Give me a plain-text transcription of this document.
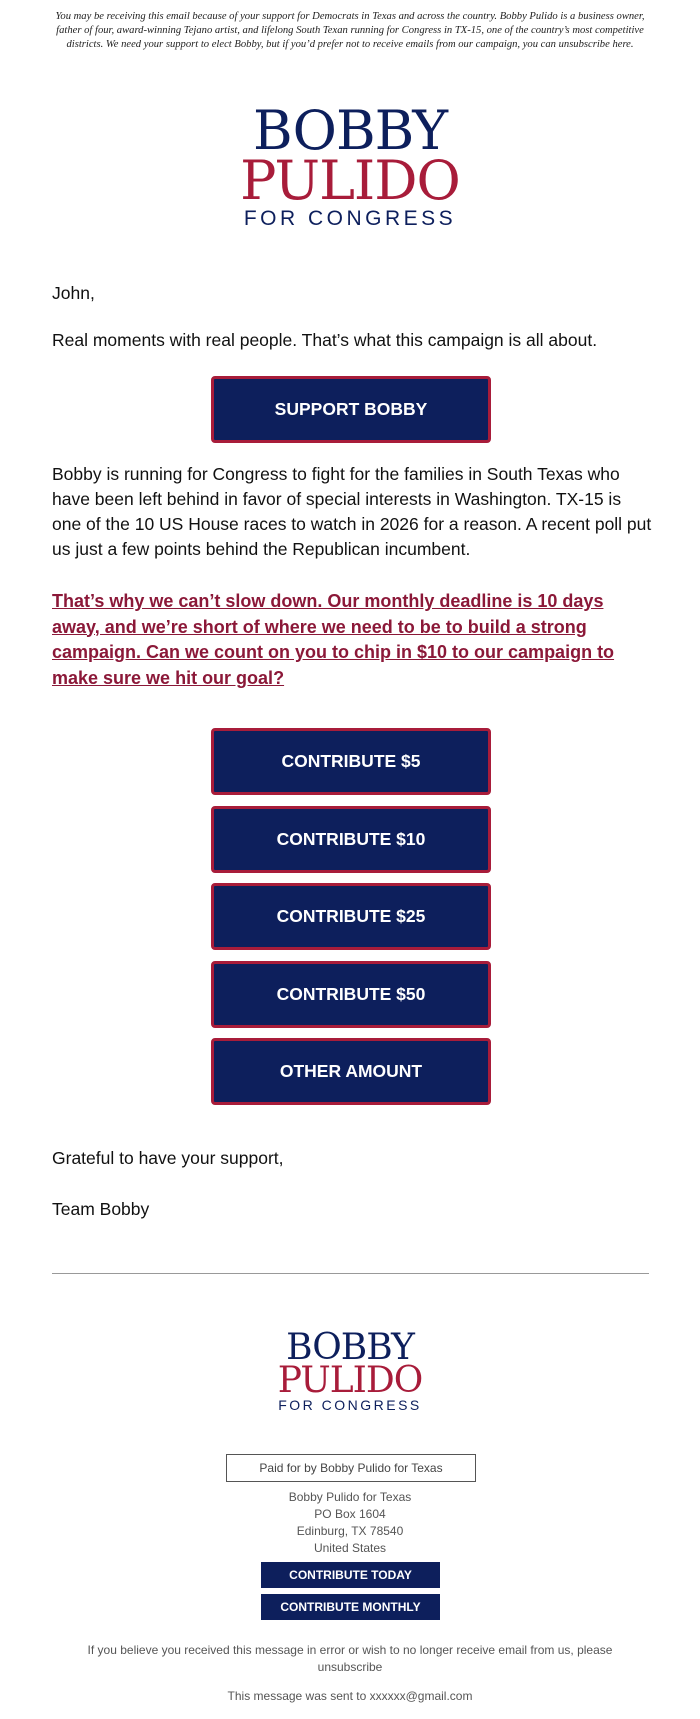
You may be receiving this email because of your support for Democrats in Texas and across the country. Bobby Pulido is a business owner, father of four, award-winning Tejano artist, and lifelong South Texan running for Congress in TX-15, one of the country’s most competitive districts. We need your support to elect Bobby, but if you’d prefer not to receive emails from our campaign, you can unsubscribe here.
BOBBY
PULIDO
FOR CONGRESS
John,
Real moments with real people. That’s what this campaign is all about.
SUPPORT BOBBY
Bobby is running for Congress to fight for the families in South Texas who have been left behind in favor of special interests in Washington. TX-15 is one of the 10 US House races to watch in 2026 for a reason. A recent poll put us just a few points behind the Republican incumbent.
That’s why we can’t slow down. Our monthly deadline is 10 days away, and we’re short of where we need to be to build a strong campaign. Can we count on you to chip in $10 to our campaign to make sure we hit our goal?
CONTRIBUTE $5
CONTRIBUTE $10
CONTRIBUTE $25
CONTRIBUTE $50
OTHER AMOUNT
Grateful to have your support,
Team Bobby
BOBBY
PULIDO
FOR CONGRESS
Paid for by Bobby Pulido for Texas
Bobby Pulido for Texas
PO Box 1604
Edinburg, TX 78540
United States
CONTRIBUTE TODAY
CONTRIBUTE MONTHLY
If you believe you received this message in error or wish to no longer receive email from us, please unsubscribe
This message was sent to xxxxxx@gmail.com
